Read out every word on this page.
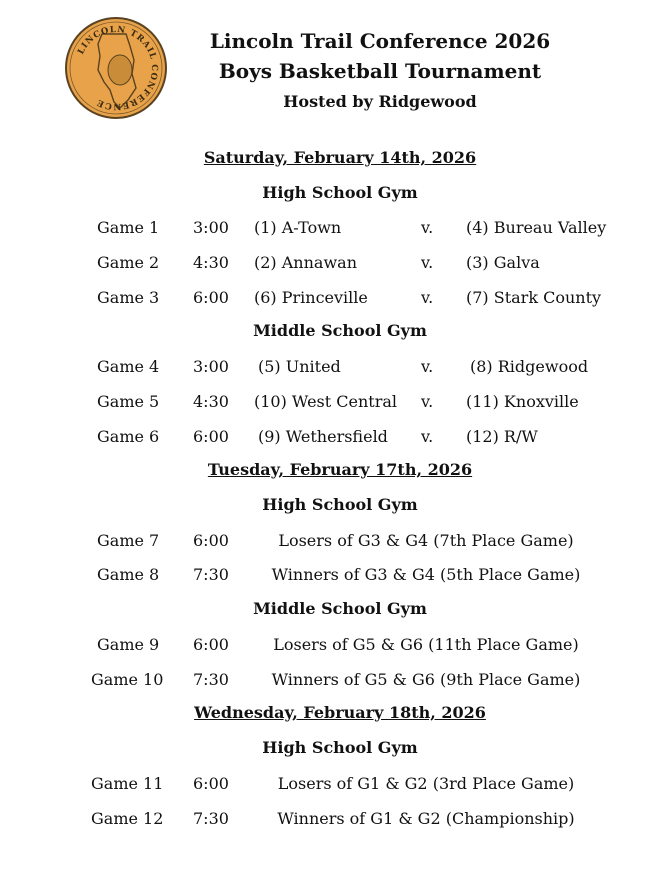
LINCOLN TRAIL CONFERENCE
Lincoln Trail Conference 2026
Boys Basketball Tournament
Hosted by Ridgewood
Saturday, February 14th, 2026
High School Gym
Game 1 3:00 (1) A-Town	v. (4) Bureau Valley
Game 2 4:30 (2) Annawan	v. (3) Galva
Game 3 6:00 (6) Princeville	v. (7) Stark County
Middle School Gym
Game 4 3:00 (5) United	v. (8) Ridgewood
Game 5 4:30 (10) West Central v. (11) Knoxville
Game 6 6:00 (9) Wethersfield v. (12) R/W
Tuesday, February 17th, 2026
High School Gym
Game 7 6:00	Losers of G3 & G4 (7th Place Game)
Game 8 7:30	Winners of G3 & G4 (5th Place Game)
Middle School Gym
Game 9 6:00	Losers of G5 & G6 (11th Place Game)
Game 10 7:30	Winners of G5 & G6 (9th Place Game)
Wednesday, February 18th, 2026
High School Gym
Game 11 6:00	Losers of G1 & G2 (3rd Place Game)
Game 12 7:30	Winners of G1 & G2 (Championship)
